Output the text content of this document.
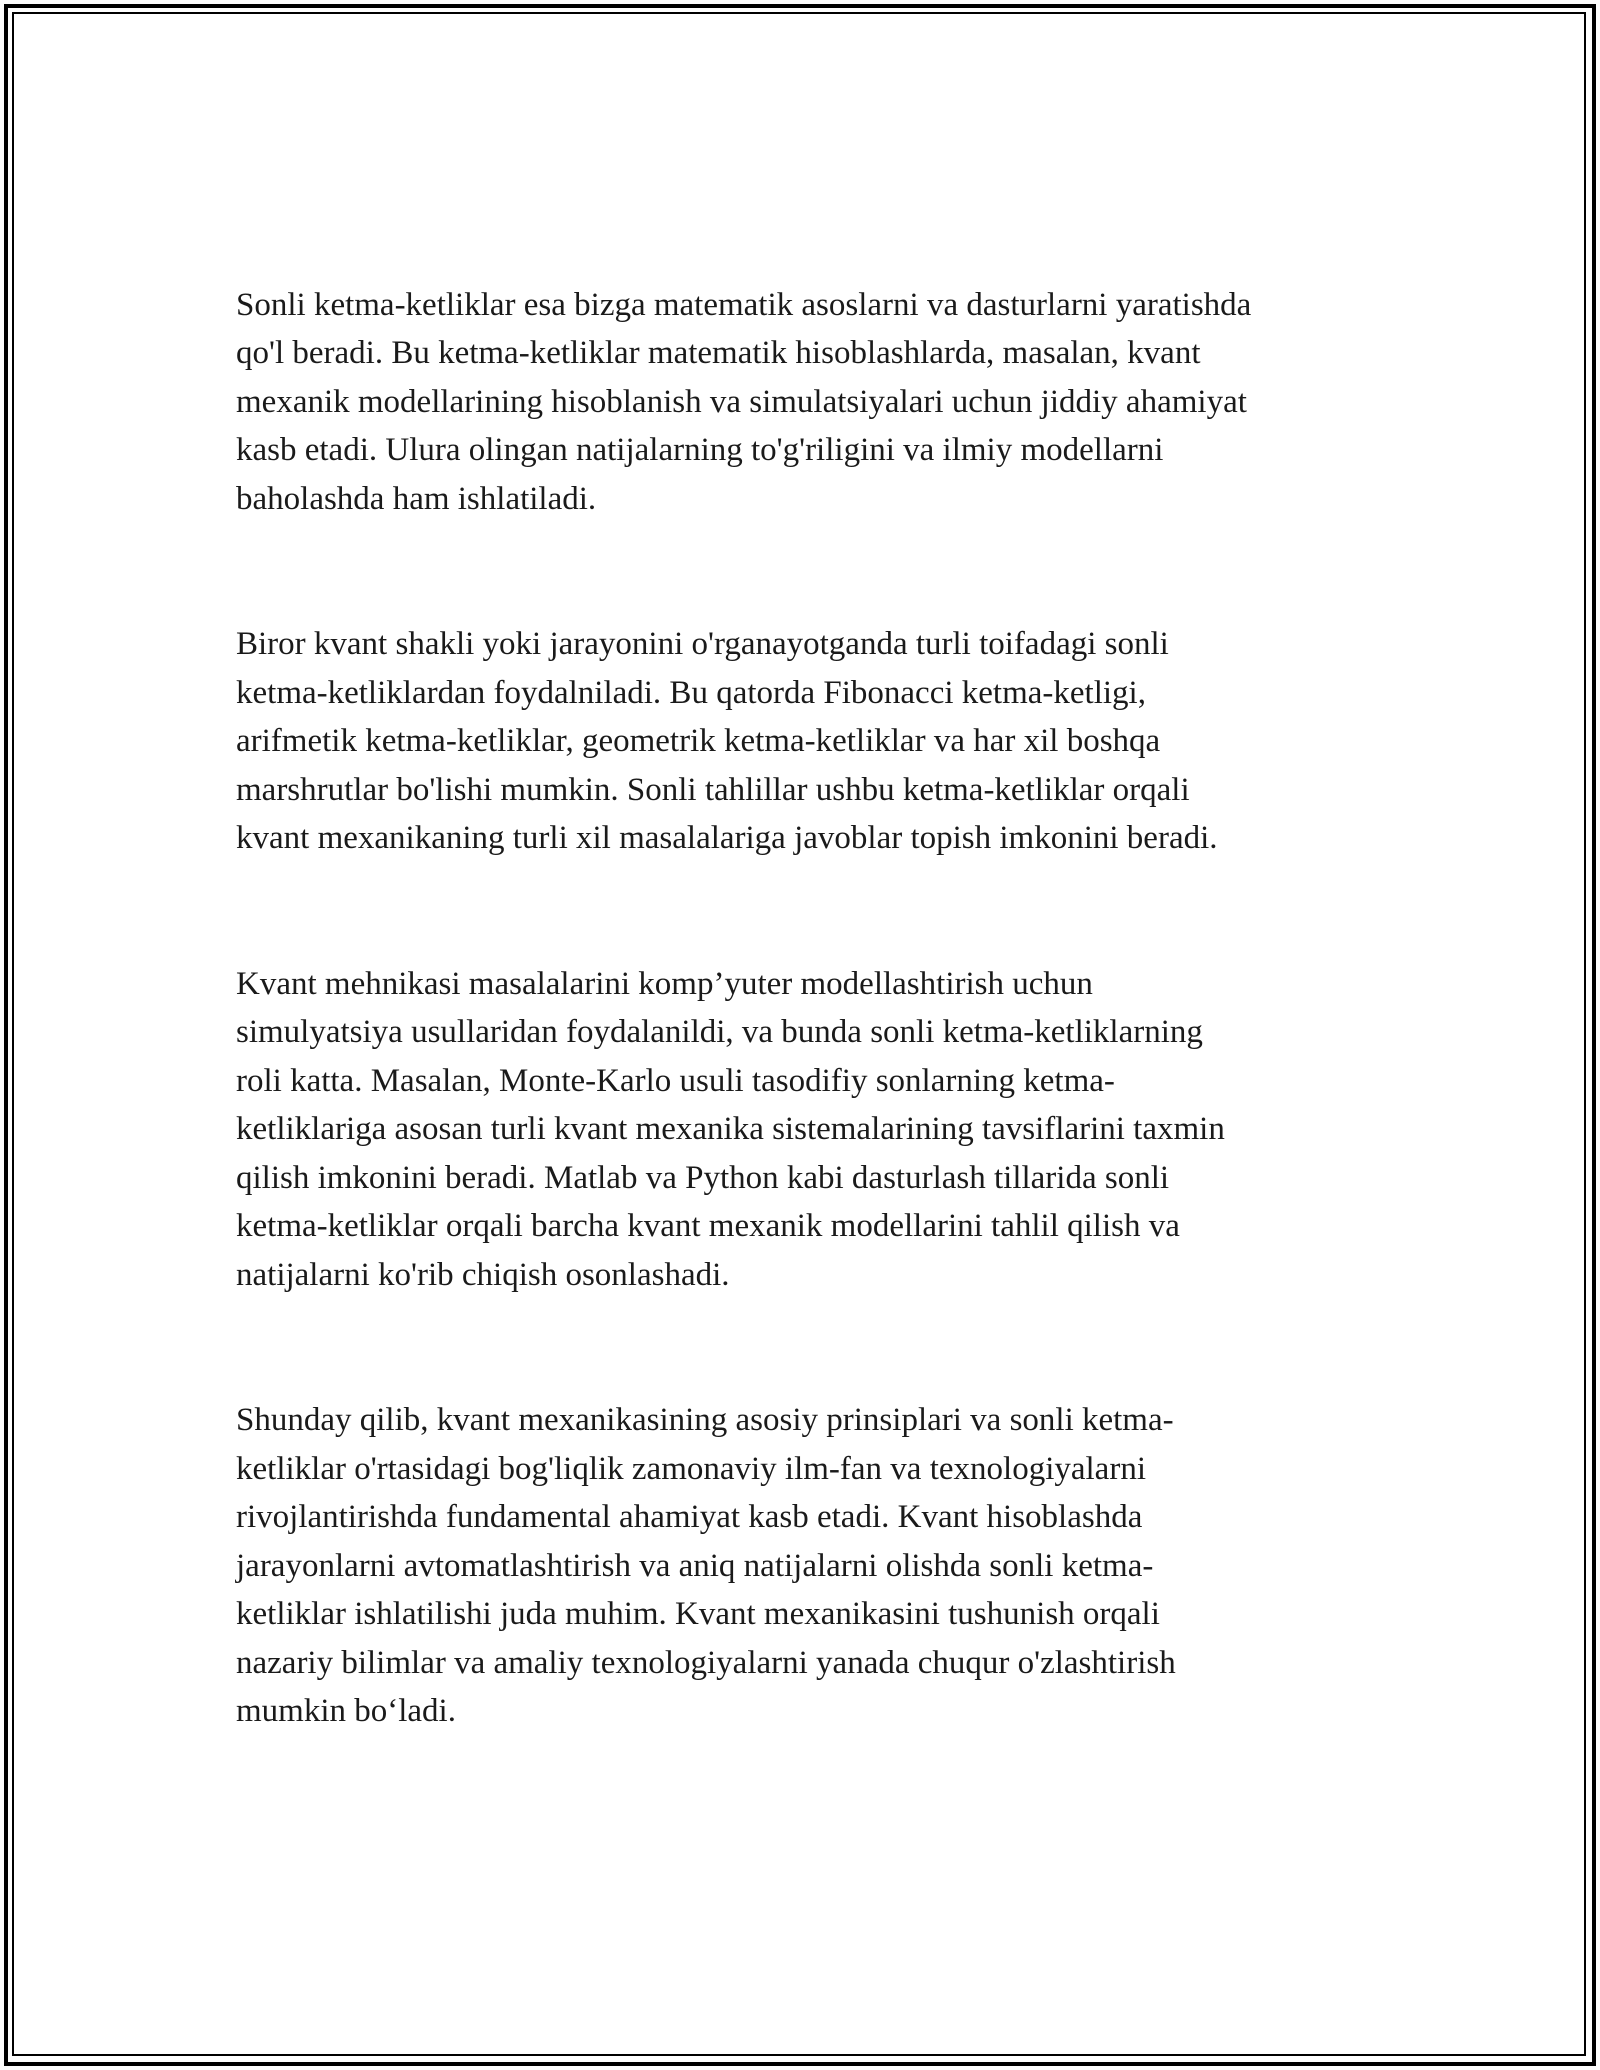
Sonli ketma-ketliklar esa bizga matematik asoslarni va dasturlarni yaratishda
qo'l beradi. Bu ketma-ketliklar matematik hisoblashlarda, masalan, kvant
mexanik modellarining hisoblanish va simulatsiyalari uchun jiddiy ahamiyat
kasb etadi. Ulura olingan natijalarning to'g'riligini va ilmiy modellarni
baholashda ham ishlatiladi.

Biror kvant shakli yoki jarayonini o'rganayotganda turli toifadagi sonli
ketma-ketliklardan foydalniladi. Bu qatorda Fibonacci ketma-ketligi,
arifmetik ketma-ketliklar, geometrik ketma-ketliklar va har xil boshqa
marshrutlar bo'lishi mumkin. Sonli tahlillar ushbu ketma-ketliklar orqali
kvant mexanikaning turli xil masalalariga javoblar topish imkonini beradi.

Kvant mehnikasi masalalarini komp’yuter modellashtirish uchun
simulyatsiya usullaridan foydalanildi, va bunda sonli ketma-ketliklarning
roli katta. Masalan, Monte-Karlo usuli tasodifiy sonlarning ketma-
ketliklariga asosan turli kvant mexanika sistemalarining tavsiflarini taxmin
qilish imkonini beradi. Matlab va Python kabi dasturlash tillarida sonli
ketma-ketliklar orqali barcha kvant mexanik modellarini tahlil qilish va
natijalarni ko'rib chiqish osonlashadi.

Shunday qilib, kvant mexanikasining asosiy prinsiplari va sonli ketma-
ketliklar o'rtasidagi bog'liqlik zamonaviy ilm-fan va texnologiyalarni
rivojlantirishda fundamental ahamiyat kasb etadi. Kvant hisoblashda
jarayonlarni avtomatlashtirish va aniq natijalarni olishda sonli ketma-
ketliklar ishlatilishi juda muhim. Kvant mexanikasini tushunish orqali
nazariy bilimlar va amaliy texnologiyalarni yanada chuqur o'zlashtirish
mumkin bo‘ladi.
